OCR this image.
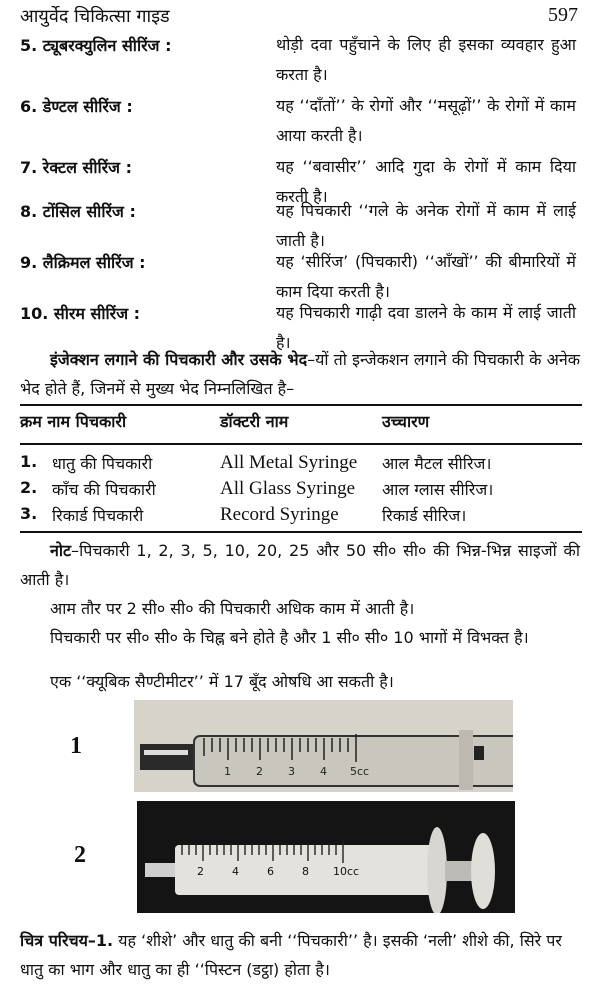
आयुर्वेद चिकित्सा गाइड	597
5. ट्यूबरक्युलिन सीरिंज :	थोड़ी दवा पहुँचाने के लिए ही इसका व्यवहार हुआ करता है।
6. डेण्टल सीरिंज :	यह ‘‘दाँतों’’ के रोगों और ‘‘मसूढ़ों’’ के रोगों में काम आया करती है।
7. रेक्टल सीरिंज :	यह ‘‘बवासीर’’ आदि गुदा के रोगों में काम दिया करती है।
8. टोंसिल सीरिंज :	यह पिचकारी ‘‘गले के अनेक रोगों में काम में लाई जाती है।
9. लैक्रिमल सीरिंज :	यह ‘सीरिंज’ (पिचकारी) ‘‘आँखों’’ की बीमारियों में काम दिया करती है।
10. सीरम सीरिंज :	यह पिचकारी गाढ़ी दवा डालने के काम में लाई जाती है।
इंजेक्शन लगाने की पिचकारी और उसके भेद–यों तो इन्जेकशन लगाने की पिचकारी के अनेक भेद होते हैं, जिनमें से मुख्य भेद निम्नलिखित है–
क्रम नाम पिचकारी	डॉक्टरी नाम	उच्चारण
1. धातु की पिचकारी	All Metal Syringe आल मैटल सीरिज।
2. काँच की पिचकारी	All Glass Syringe आल ग्लास सीरिज।
3. रिकार्ड पिचकारी	Record Syringe	रिकार्ड सीरिज।
नोट–पिचकारी 1, 2, 3, 5, 10, 20, 25 और 50 सी० सी० की भिन्न-भिन्न साइजों की आती है।
आम तौर पर 2 सी० सी० की पिचकारी अधिक काम में आती है।
पिचकारी पर सी० सी० के चिह्न बने होते है और 1 सी० सी० 10 भागों में विभक्त है।
एक ‘‘क्यूबिक सैण्टीमीटर’’ में 17 बूँद ओषधि आ सकती है।
1
1 2 3 4 5cc
2
2	4	6	8 10cc
चित्र परिचय–1. यह ‘शीशे’ और धातु की बनी ‘‘पिचकारी’’ है। इसकी ‘नली’ शीशे की, सिरे पर धातु का भाग और धातु का ही ‘‘पिस्टन (डट्ठा) होता है।
